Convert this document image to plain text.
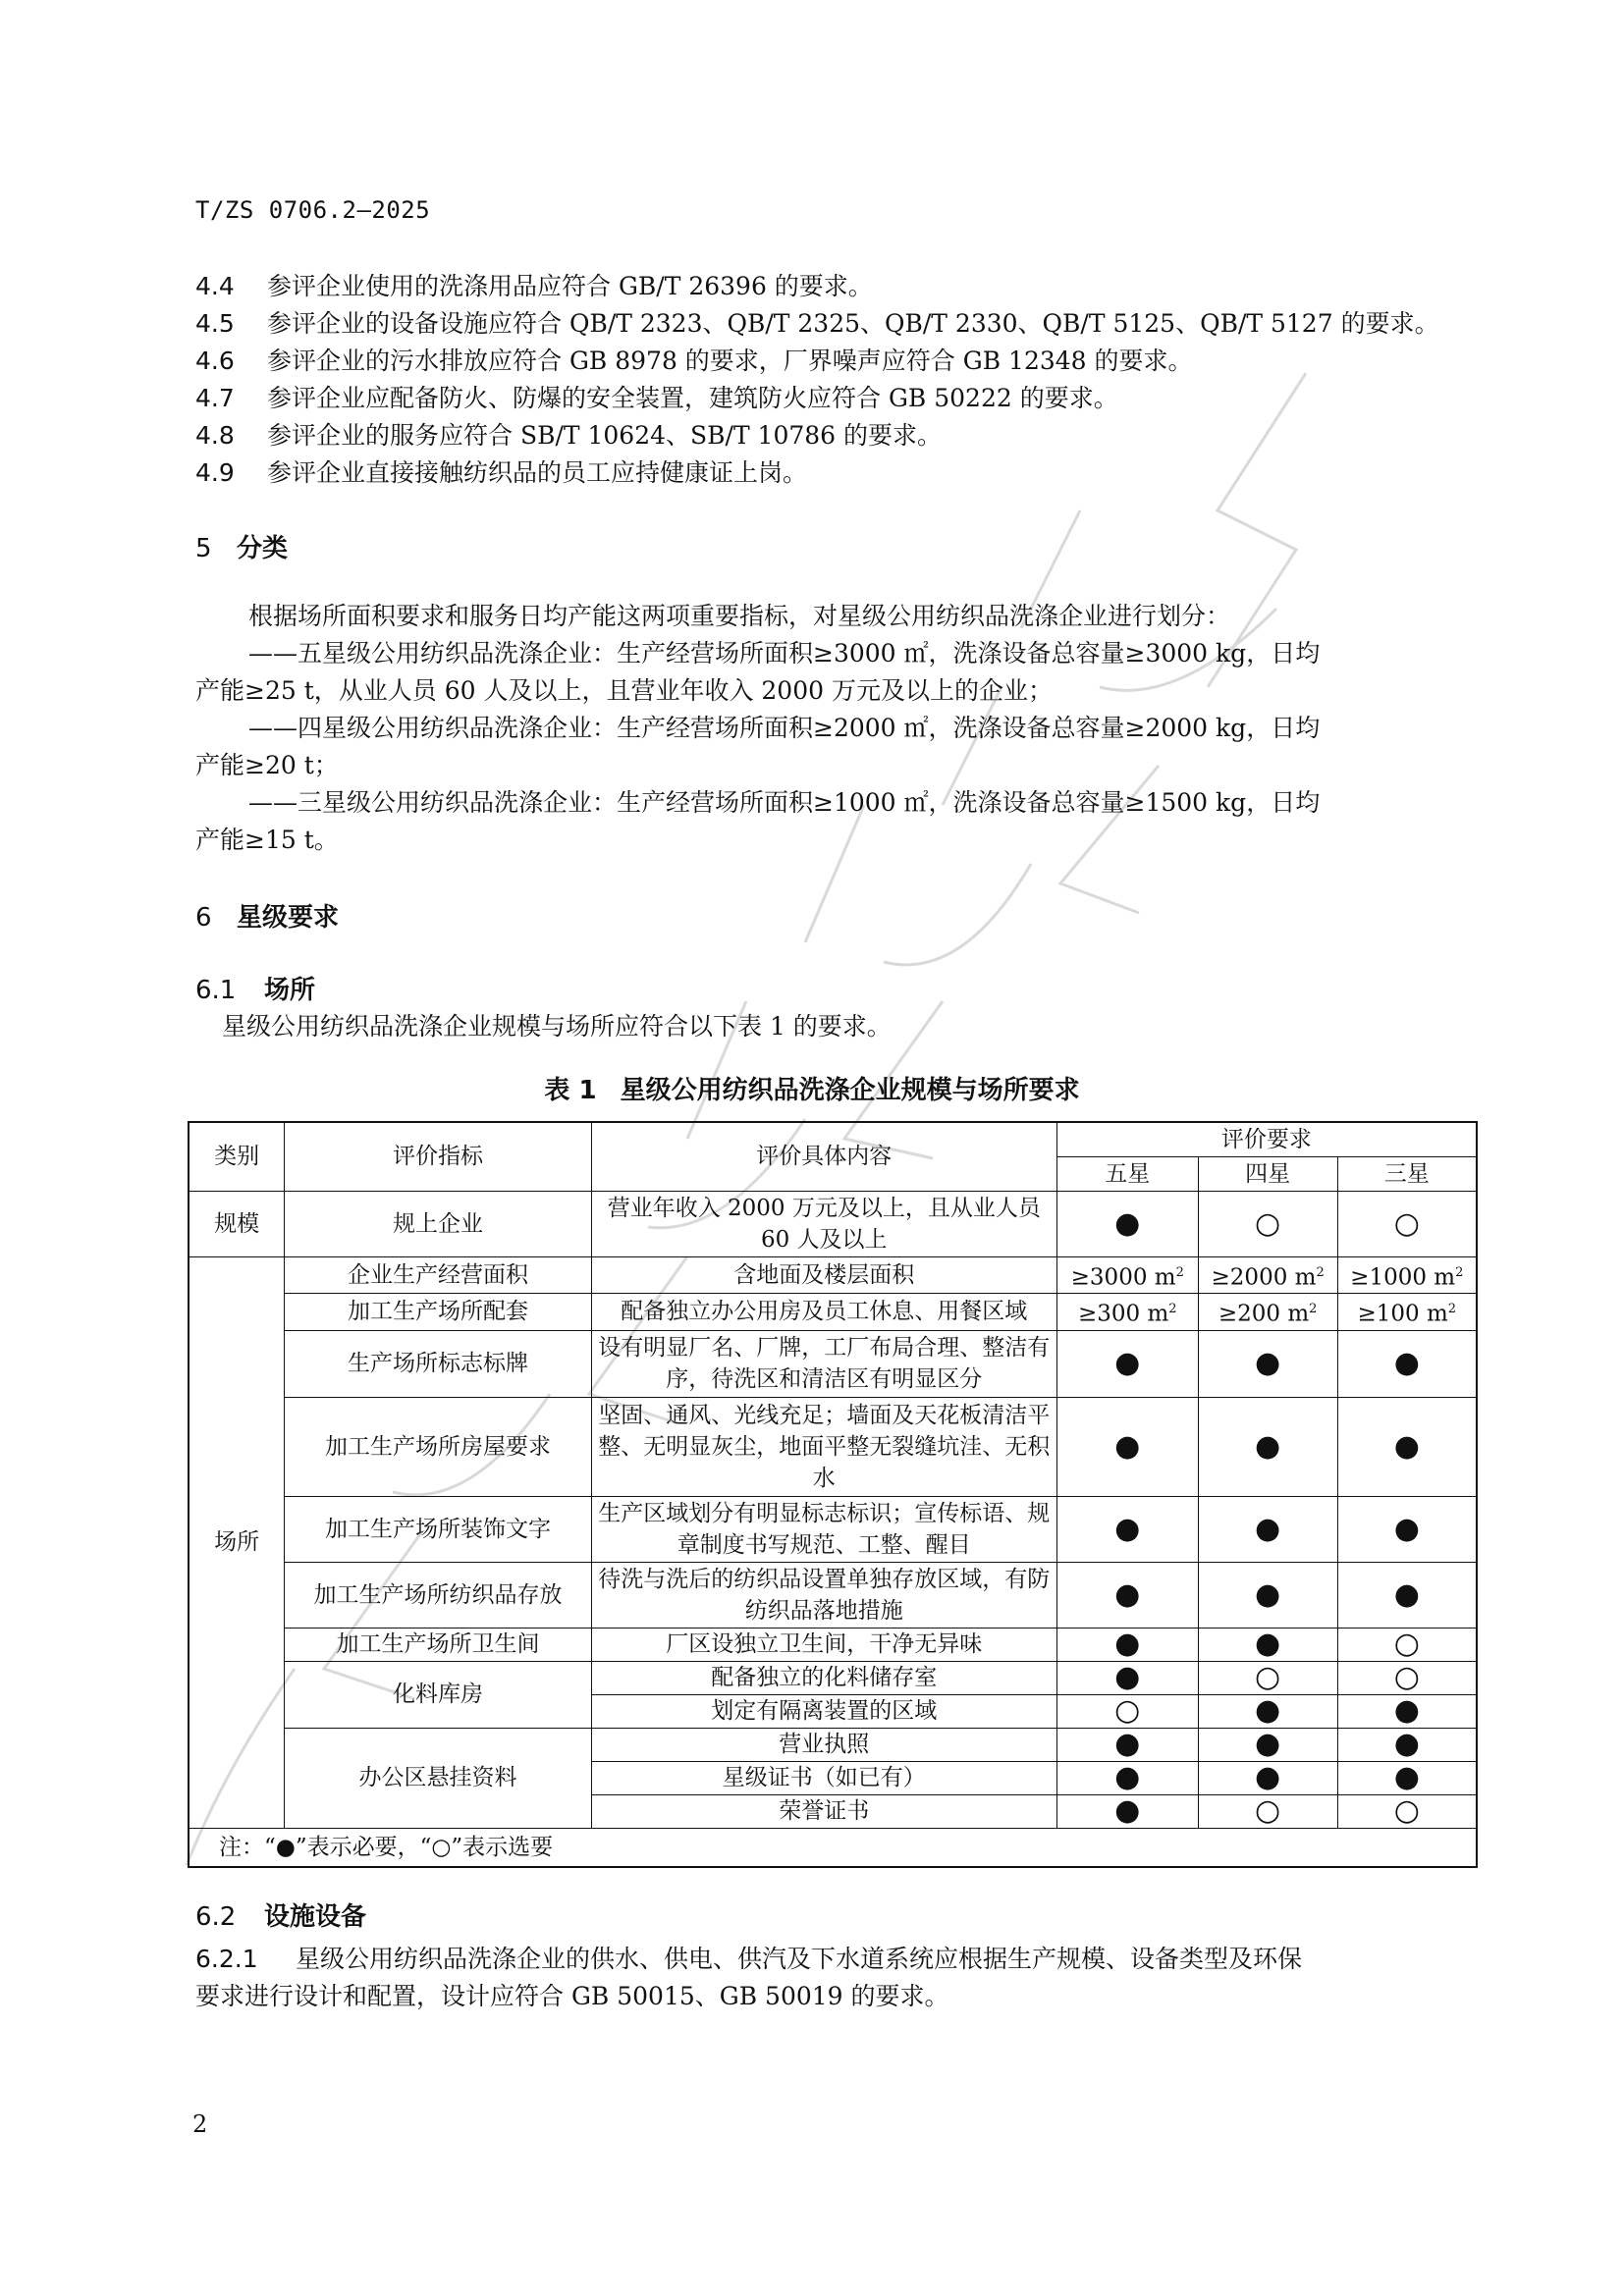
T/ZS 0706.2—2025
4.4 参评企业使用的洗涤用品应符合 GB/T 26396 的要求。
4.5 参评企业的设备设施应符合 QB/T 2323、QB/T 2325、QB/T 2330、QB/T 5125、QB/T 5127 的要求。
4.6 参评企业的污水排放应符合 GB 8978 的要求，厂界噪声应符合 GB 12348 的要求。
4.7 参评企业应配备防火、防爆的安全装置，建筑防火应符合 GB 50222 的要求。
4.8 参评企业的服务应符合 SB/T 10624、SB/T 10786 的要求。
4.9 参评企业直接接触纺织品的员工应持健康证上岗。
5 分类
根据场所面积要求和服务日均产能这两项重要指标，对星级公用纺织品洗涤企业进行划分：
——五星级公用纺织品洗涤企业：生产经营场所面积≥3000 ㎡，洗涤设备总容量≥3000 kg，日均
产能≥25 t，从业人员 60 人及以上，且营业年收入 2000 万元及以上的企业；
——四星级公用纺织品洗涤企业：生产经营场所面积≥2000 ㎡，洗涤设备总容量≥2000 kg，日均
产能≥20 t；
——三星级公用纺织品洗涤企业：生产经营场所面积≥1000 ㎡，洗涤设备总容量≥1500 kg，日均
产能≥15 t。
6 星级要求
6.1 场所
星级公用纺织品洗涤企业规模与场所应符合以下表 1 的要求。
表 1 星级公用纺织品洗涤企业规模与场所要求
类别	评价指标	评价具体内容	评价要求		
			五星	四星	三星
规模	规上企业	营业年收入 2000 万元及以上，且从业人员 60 人及以上	●	○	○
场所	企业生产经营面积	含地面及楼层面积	≥3000 $m^2$	≥2000 $m^2$	≥1000 $m^2$
	加工生产场所配套	配备独立办公用房及员工休息、用餐区域	≥300 $m^2$	≥200 $m^2$	≥100 $m^2$
	生产场所标志标牌	设有明显厂名、厂牌，工厂布局合理、整洁有序，待洗区和清洁区有明显区分	●	●	●
	加工生产场所房屋要求	坚固、通风、光线充足；墙面及天花板清洁平整、无明显灰尘，地面平整无裂缝坑洼、无积水	●	●	●
	加工生产场所装饰文字	生产区域划分有明显标志标识；宣传标语、规章制度书写规范、工整、醒目	●	●	●
	加工生产场所纺织品存放	待洗与洗后的纺织品设置单独存放区域，有防纺织品落地措施	●	●	●
	加工生产场所卫生间	厂区设独立卫生间，干净无异味	●	●	○
	化料库房	配备独立的化料储存室	●	○	○
		划定有隔离装置的区域	○	●	●
	办公区悬挂资料	营业执照	●	●	●
		星级证书（如已有）	●	●	●
		荣誉证书	●	○	○
注：“●”表示必要，“○”表示选要					
6.2 设施设备
6.2.1 星级公用纺织品洗涤企业的供水、供电、供汽及下水道系统应根据生产规模、设备类型及环保
要求进行设计和配置，设计应符合 GB 50015、GB 50019 的要求。
2
